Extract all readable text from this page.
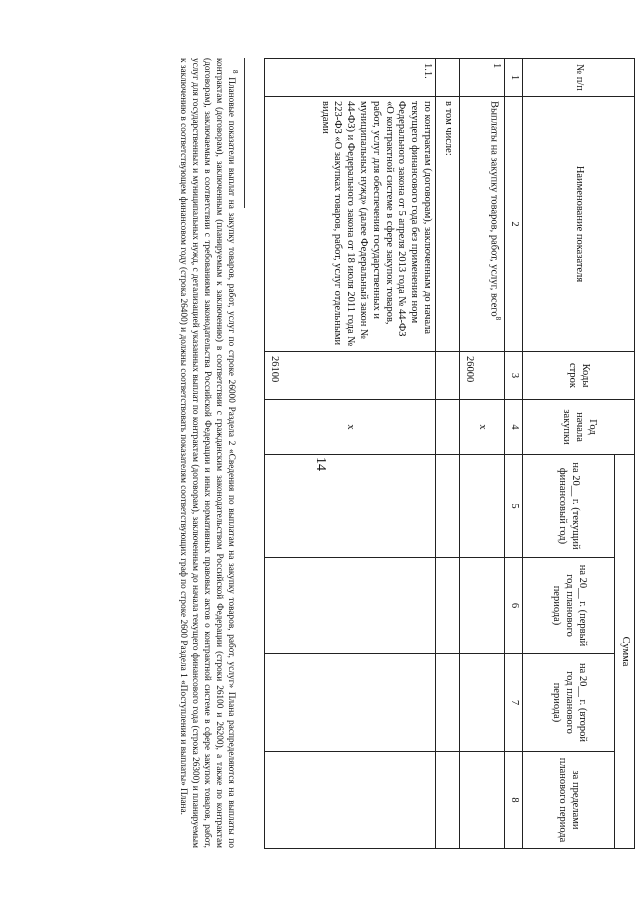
14
№ п/п	Наименование показателя	Коды строк	Год начала закупки	Сумма			
				на 20__ г. (текущий финансовый год)	на 20__ г. (первый год планового периода)	на 20__ г. (второй год планового периода)	за пределами планового периода
1	2	3	4	5	6	7	8
1	Выплаты на закупку товаров, работ, услуг, всего$^8$	26000	x				
	в том числе:						
1.1.	по контрактам (договорам), заключенным до начала текущего финансового года без применения норм Федерального закона от 5 апреля 2013 года № 44-ФЗ «О контрактной системе в сфере закупок товаров, работ, услуг для обеспечения государственных и муниципальных нужд» (далее Федеральный закон № 44-ФЗ) и Федерального закона от 18 июля 2011 года № 223-ФЗ «О закупках товаров, работ, услуг отдельными видами	26100	x				

$^8$ Плановые показатели выплат на закупку товаров, работ, услуг по строке 26000 Раздела 2 «Сведения по выплатам на закупку товаров, работ, услуг» Плана распределяются на выплаты по контрактам (договорам), заключенным (планируемым к заключению) в соответствии с гражданским законодательством Российской Федерации (строки 26100 и 26200), а также по контрактам (договорам), заключаемым в соответствии с требованиями законодательства Российской Федерации и иных нормативных правовых актов о контрактной системе в сфере закупок товаров, работ, услуг для государственных и муниципальных нужд, с детализацией указанных выплат по контрактам (договорам), заключенным до начала текущего финансового года (строка 26300) и планируемым к заключению в соответствующем финансовом году (строка 26400) и должны соответствовать показателям соответствующих граф по строке 2600 Раздела 1 «Поступления и выплаты» Плана.
